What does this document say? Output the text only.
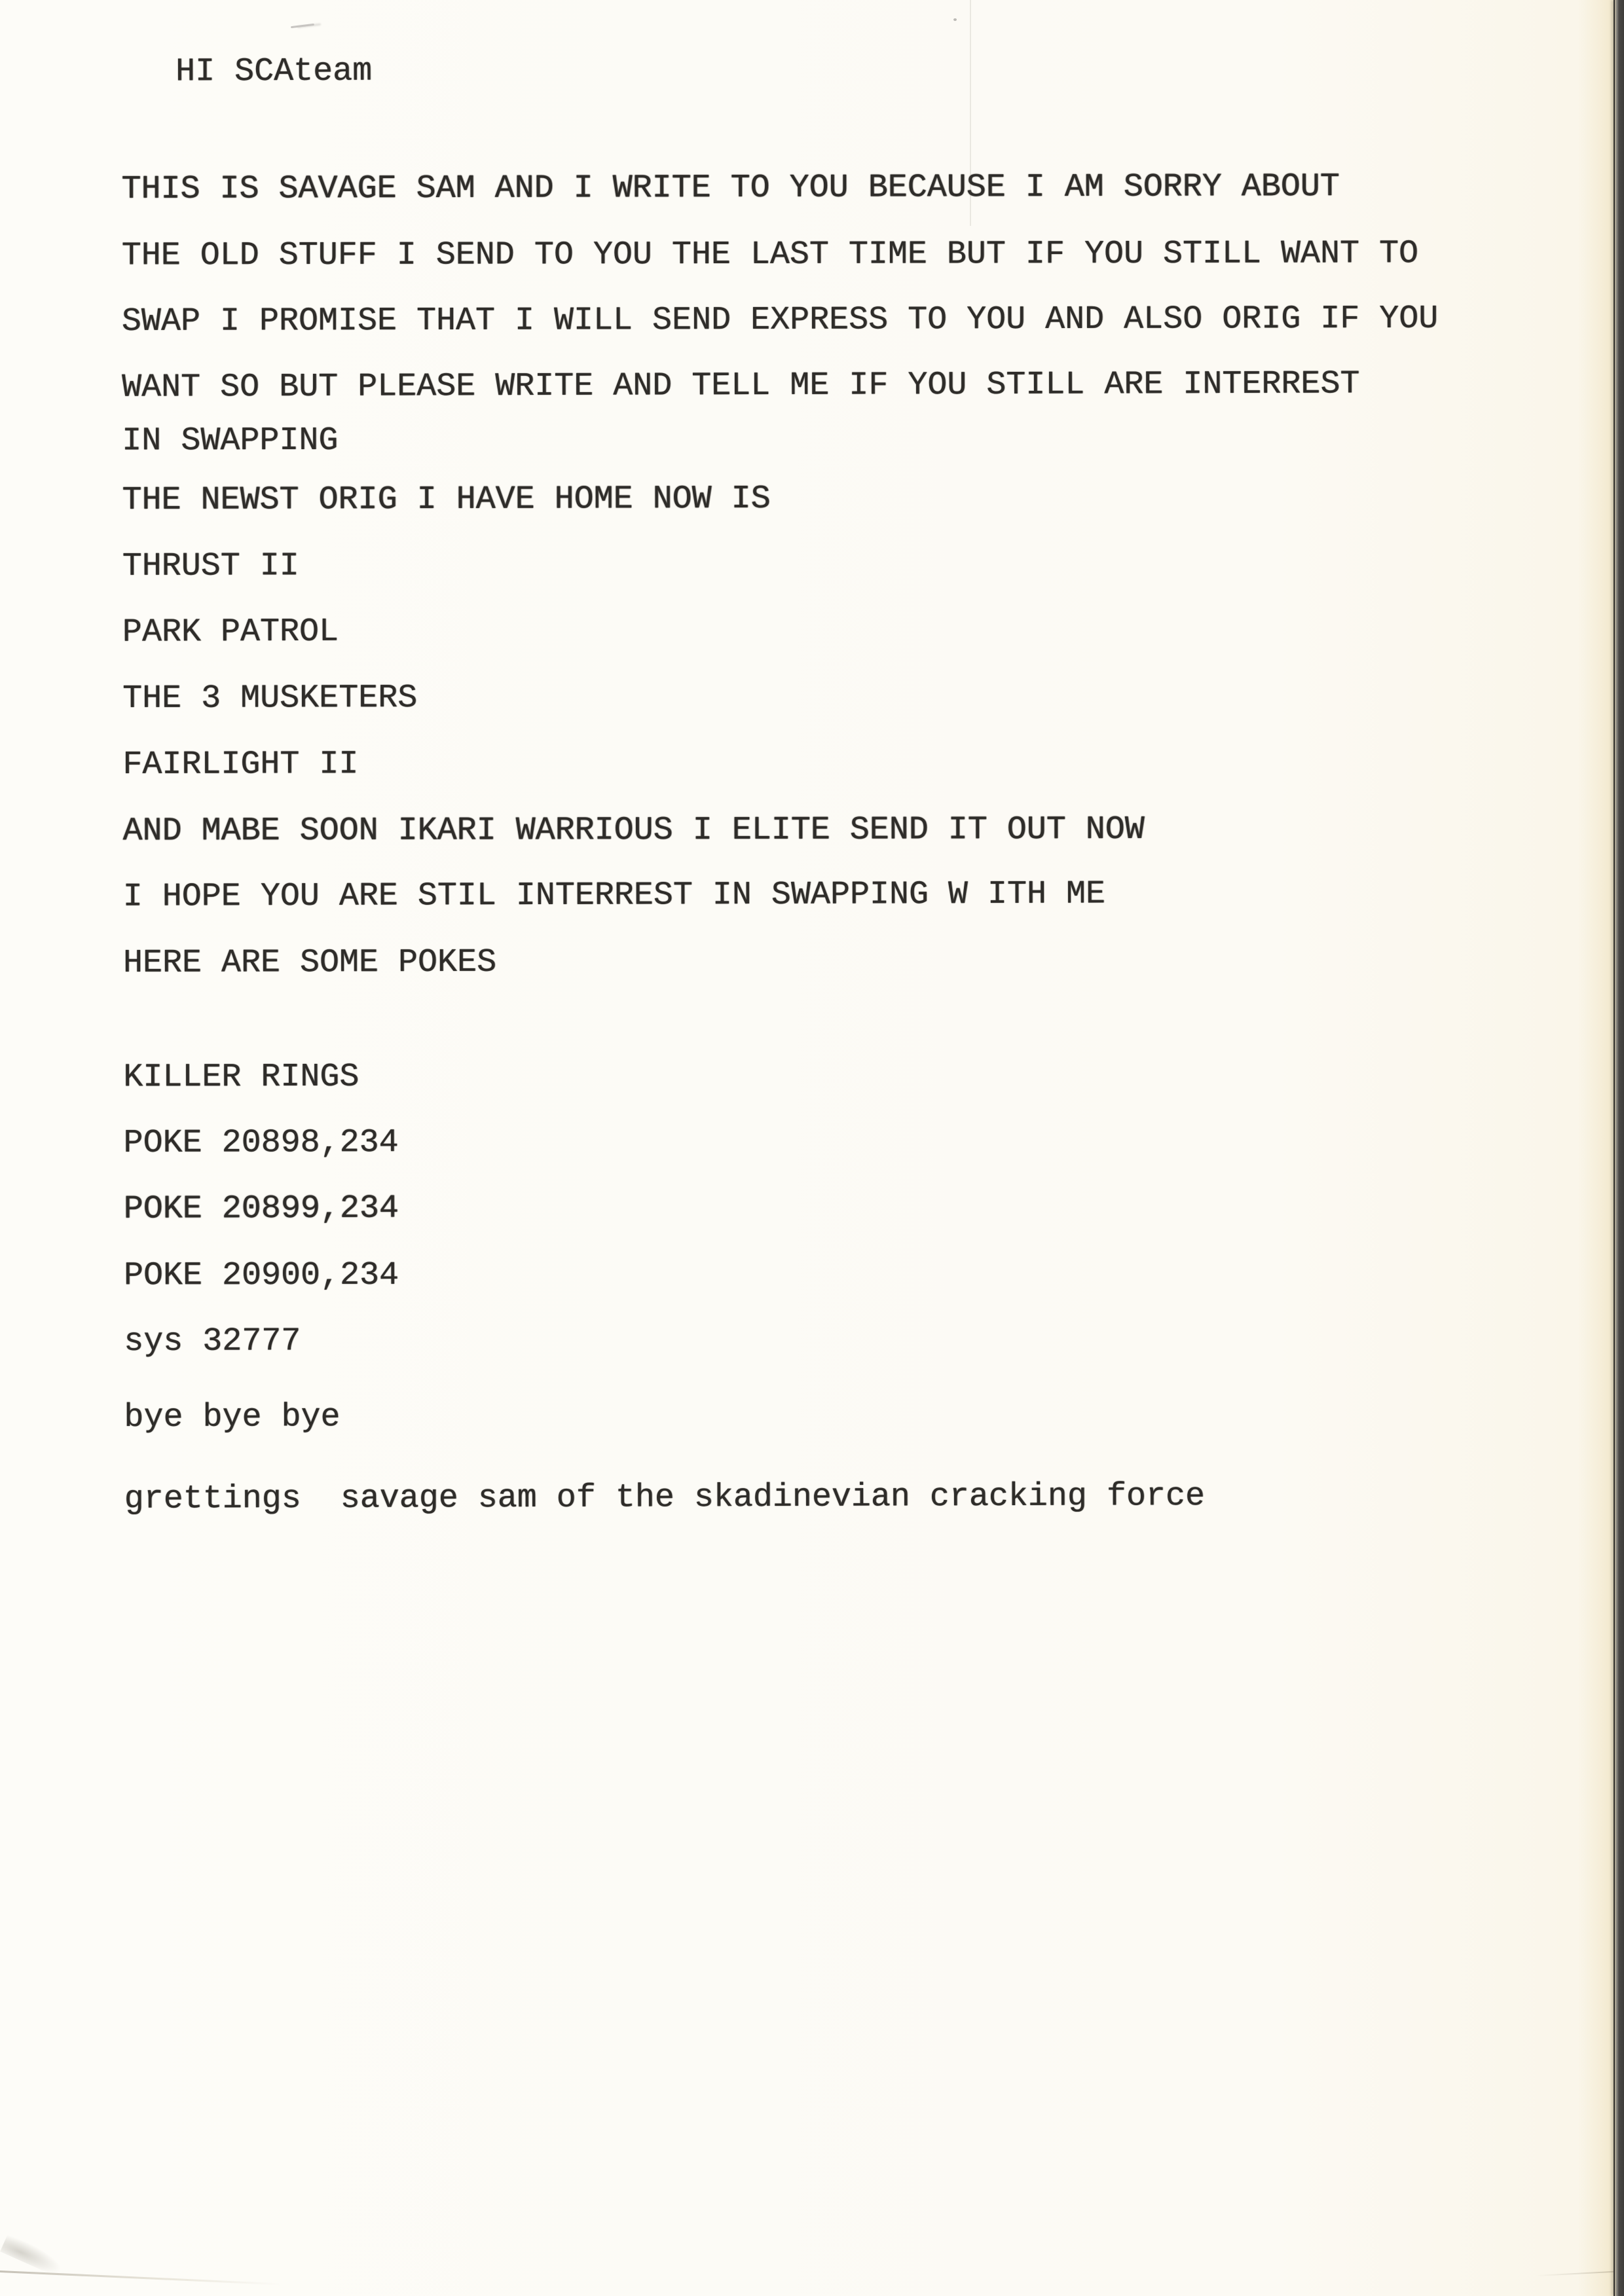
HI SCAteam
THIS IS SAVAGE SAM AND I WRITE TO YOU BECAUSE I AM SORRY ABOUT
THE OLD STUFF I SEND TO YOU THE LAST TIME BUT IF YOU STILL WANT TO
SWAP I PROMISE THAT I WILL SEND EXPRESS TO YOU AND ALSO ORIG IF YOU
WANT SO BUT PLEASE WRITE AND TELL ME IF YOU STILL ARE INTERREST
IN SWAPPING
THE NEWST ORIG I HAVE HOME NOW IS
THRUST II
PARK PATROL
THE 3 MUSKETERS
FAIRLIGHT II
AND MABE SOON IKARI WARRIOUS I ELITE SEND IT OUT NOW
I HOPE YOU ARE STIL INTERREST IN SWAPPING W ITH ME
HERE ARE SOME POKES
KILLER RINGS
POKE 20898,234
POKE 20899,234
POKE 20900,234
sys 32777
bye bye bye
grettings  savage sam of the skadinevian cracking force
